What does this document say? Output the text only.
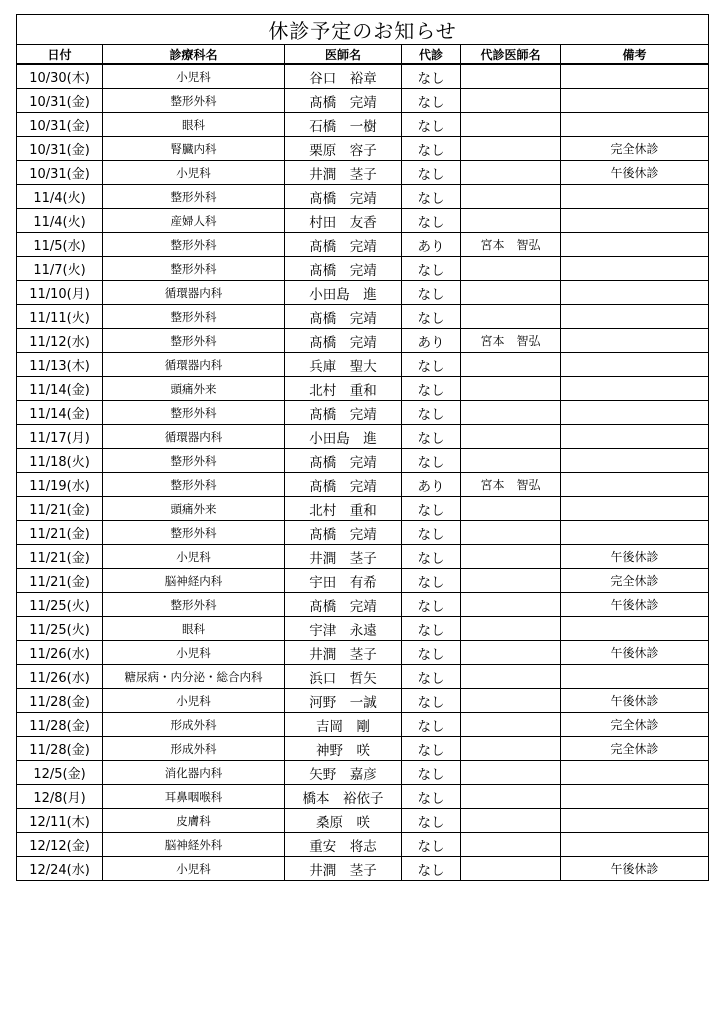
休診予定のお知らせ					
日付	診療科名	医師名	代診	代診医師名	備考
10/30(木)	小児科	谷口　裕章	なし		
10/31(金)	整形外科	髙橋　完靖	なし		
10/31(金)	眼科	石橋　一樹	なし		
10/31(金)	腎臓内科	栗原　容子	なし		完全休診
10/31(金)	小児科	井澗　茎子	なし		午後休診
11/4(火)	整形外科	髙橋　完靖	なし		
11/4(火)	産婦人科	村田　友香	なし		
11/5(水)	整形外科	髙橋　完靖	あり	宮本　智弘	
11/7(火)	整形外科	髙橋　完靖	なし		
11/10(月)	循環器内科	小田島　進	なし		
11/11(火)	整形外科	髙橋　完靖	なし		
11/12(水)	整形外科	髙橋　完靖	あり	宮本　智弘	
11/13(木)	循環器内科	兵庫　聖大	なし		
11/14(金)	頭痛外来	北村　重和	なし		
11/14(金)	整形外科	髙橋　完靖	なし		
11/17(月)	循環器内科	小田島　進	なし		
11/18(火)	整形外科	髙橋　完靖	なし		
11/19(水)	整形外科	髙橋　完靖	あり	宮本　智弘	
11/21(金)	頭痛外来	北村　重和	なし		
11/21(金)	整形外科	髙橋　完靖	なし		
11/21(金)	小児科	井澗　茎子	なし		午後休診
11/21(金)	脳神経内科	宇田　有希	なし		完全休診
11/25(火)	整形外科	髙橋　完靖	なし		午後休診
11/25(火)	眼科	宇津　永遠	なし		
11/26(水)	小児科	井澗　茎子	なし		午後休診
11/26(水)	糖尿病・内分泌・総合内科	浜口　哲矢	なし		
11/28(金)	小児科	河野　一誠	なし		午後休診
11/28(金)	形成外科	吉岡　剛	なし		完全休診
11/28(金)	形成外科	神野　咲	なし		完全休診
12/5(金)	消化器内科	矢野　嘉彦	なし		
12/8(月)	耳鼻咽喉科	橋本　裕依子	なし		
12/11(木)	皮膚科	桑原　咲	なし		
12/12(金)	脳神経外科	重安　将志	なし		
12/24(水)	小児科	井澗　茎子	なし		午後休診
